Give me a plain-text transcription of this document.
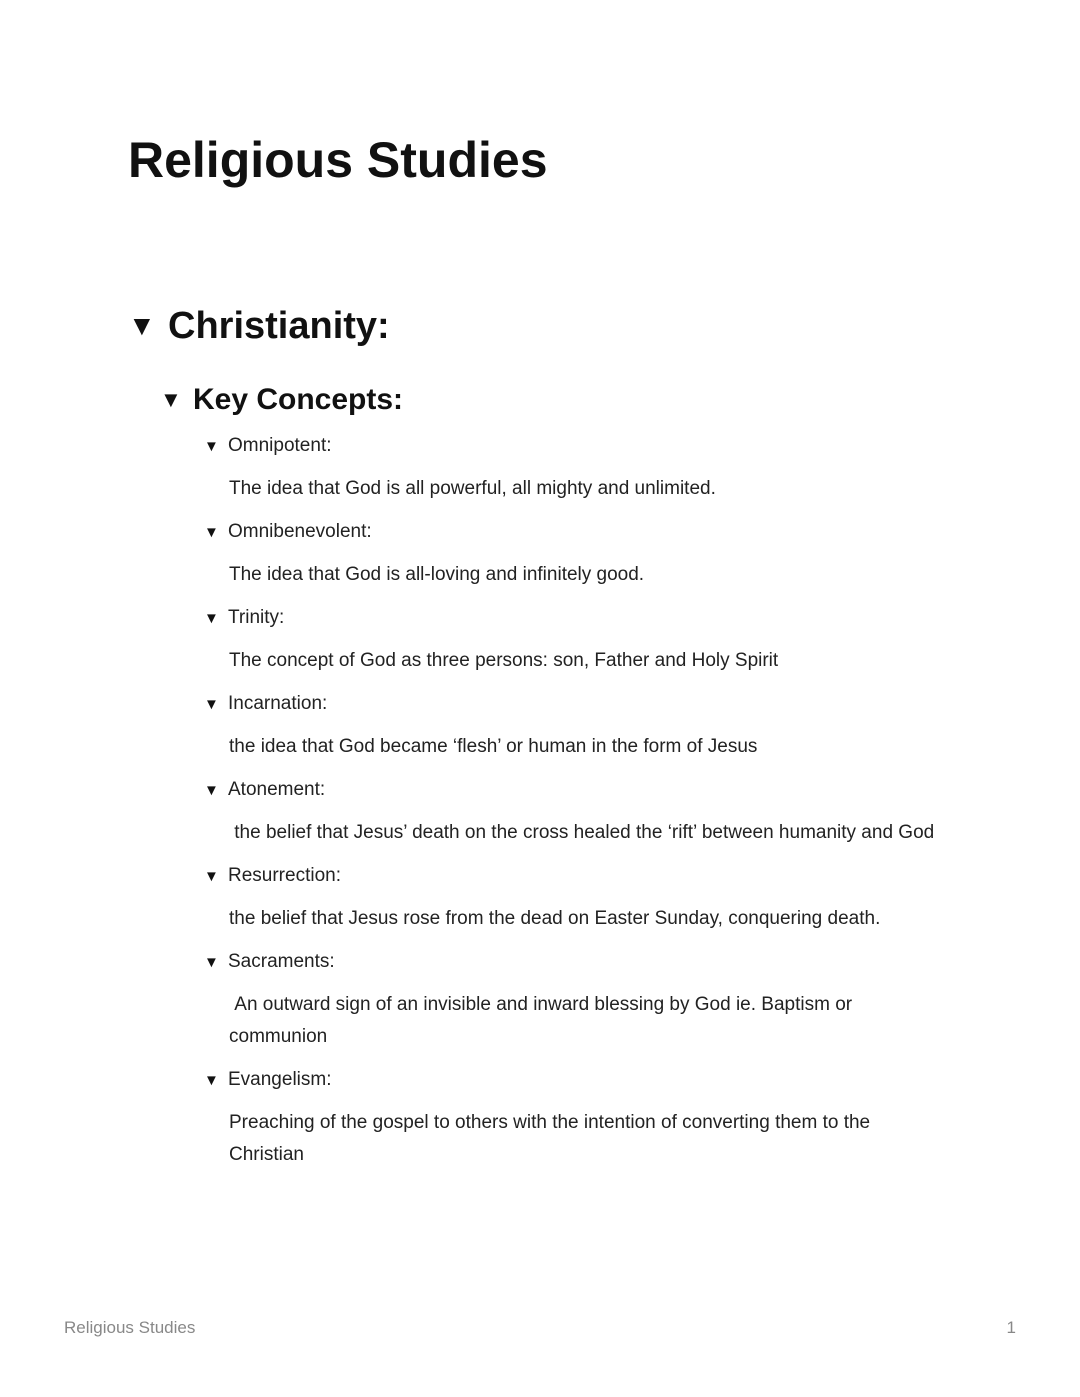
Religious Studies
▼ Christianity:
▼ Key Concepts:
▼ Omnipotent:
The idea that God is all powerful, all mighty and unlimited.
▼ Omnibenevolent:
The idea that God is all-loving and infinitely good.
▼ Trinity:
The concept of God as three persons: son, Father and Holy Spirit
▼ Incarnation:
the idea that God became ‘flesh’ or human in the form of Jesus
▼ Atonement:
the belief that Jesus’ death on the cross healed the ‘rift’ between humanity and God
▼ Resurrection:
the belief that Jesus rose from the dead on Easter Sunday, conquering death.
▼ Sacraments:
An outward sign of an invisible and inward blessing by God ie. Baptism or communion
▼ Evangelism:
Preaching of the gospel to others with the intention of converting them to the Christian
Religious Studies	1
